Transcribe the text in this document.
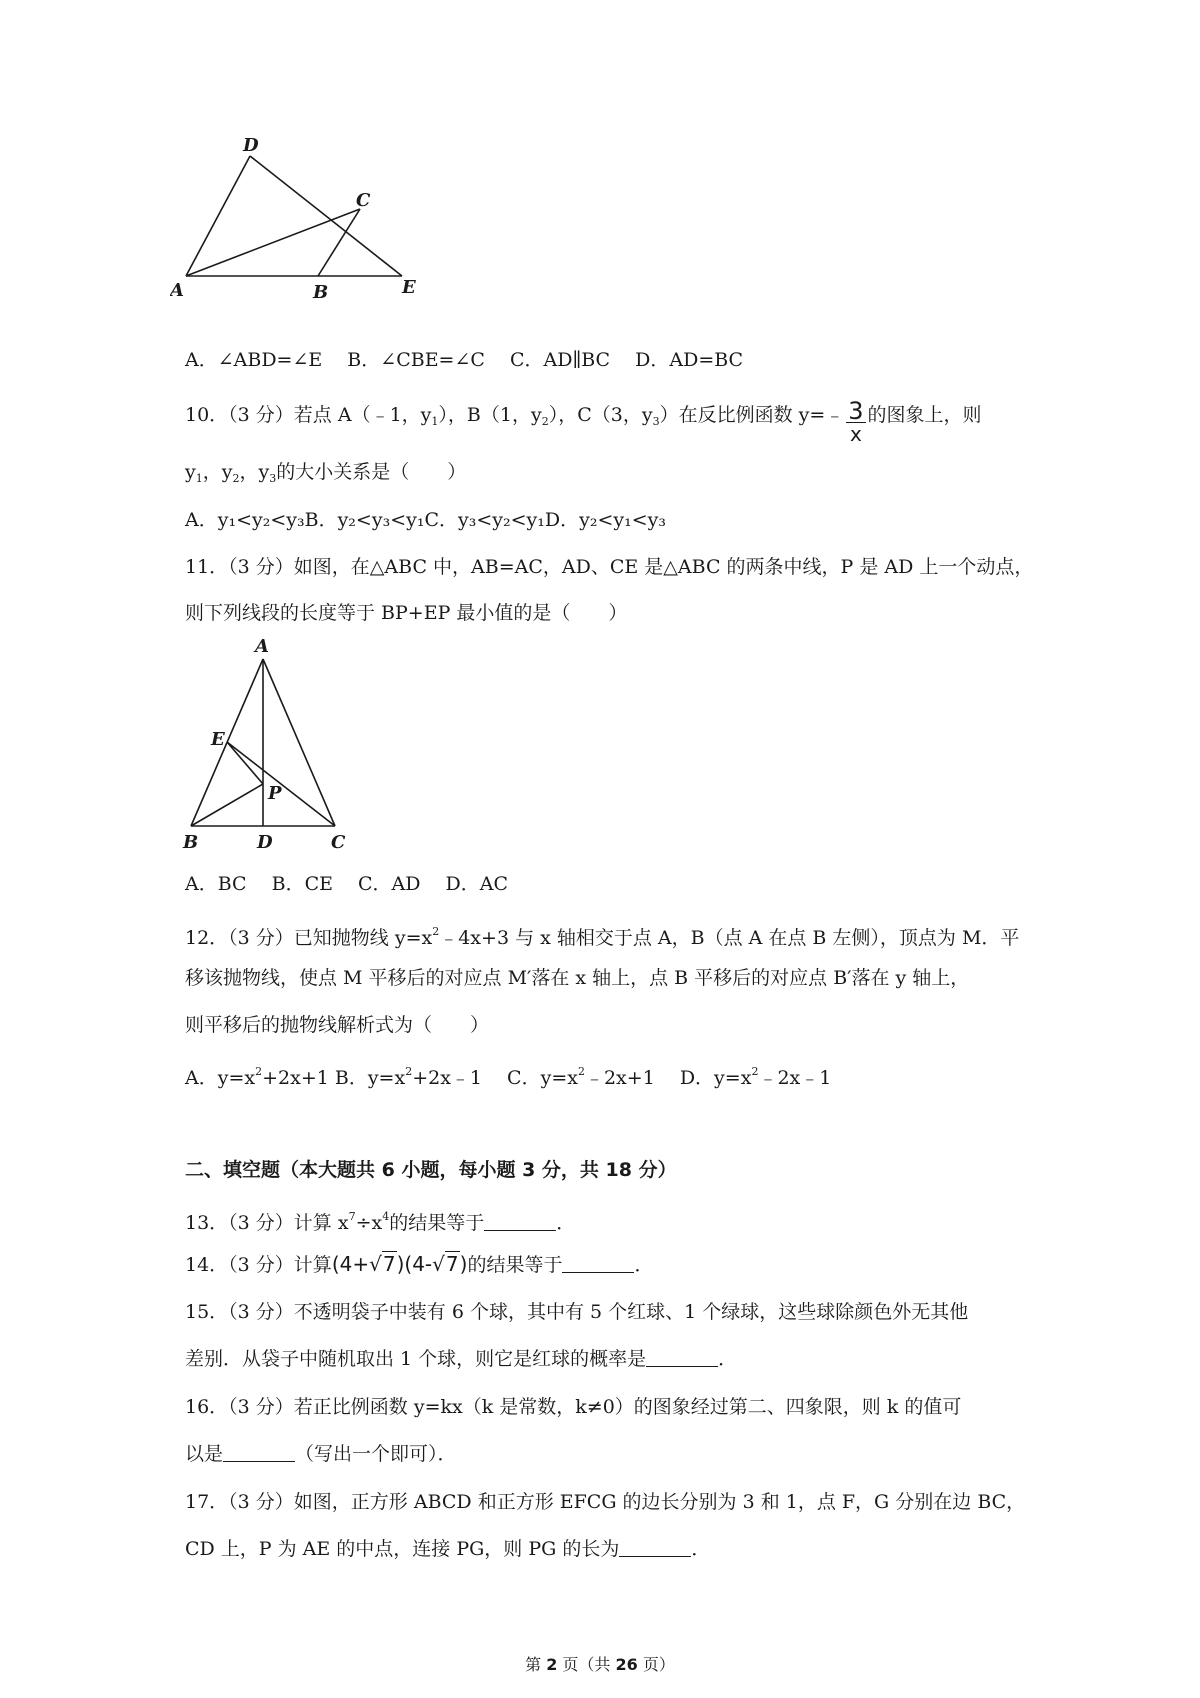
D
C
A	B	E
A．∠ABD=∠E　 B．∠CBE=∠C　 C．AD∥BC　 D．AD=BC
10．（3 分）若点 A（﹣1，$y_1$），B（1，$y_2$），C（3，$y_3$）在反比例函数 y=﹣ $\frac{3}{x}$ 的图象上，则
$y_1$，$y_2$，$y_3$的大小关系是（　　）
A．y₁<y₂<y₃B．y₂<y₃<y₁C．y₃<y₂<y₁D．y₂<y₁<y₃
11．（3 分）如图，在△ABC 中，AB=AC，AD、CE 是△ABC 的两条中线，P 是 AD 上一个动点，
则下列线段的长度等于 BP+EP 最小值的是（　　）
A
E
P
B	D	C
A．BC　 B．CE　 C．AD　 D．AC
12．（3 分）已知抛物线 $y=x^2﹣4x+3$ 与 x 轴相交于点 A，B（点 A 在点 B 左侧），顶点为 M．平
移该抛物线，使点 M 平移后的对应点 M′落在 x 轴上，点 B 平移后的对应点 B′落在 y 轴上，
则平移后的抛物线解析式为（　　）
A．$y=x^2+2x+1$ B．$y=x^2+2x﹣1$　 C．$y=x^2﹣2x+1$　 D．$y=x^2﹣2x﹣1$
二、填空题（本大题共 6 小题，每小题 3 分，共 18 分）
13．（3 分）计算 $x^7\div x^4$的结果等于	．
14．（3 分）计算(4+√7)(4-√7)的结果等于	．
15．（3 分）不透明袋子中装有 6 个球，其中有 5 个红球、1 个绿球，这些球除颜色外无其他
差别．从袋子中随机取出 1 个球，则它是红球的概率是	．
16．（3 分）若正比例函数 y=kx（k 是常数，k≠0）的图象经过第二、四象限，则 k 的值可
以是	（写出一个即可）．
17．（3 分）如图，正方形 ABCD 和正方形 EFCG 的边长分别为 3 和 1，点 F，G 分别在边 BC，
CD 上，P 为 AE 的中点，连接 PG，则 PG 的长为	．
第 2 页（共 26 页）
